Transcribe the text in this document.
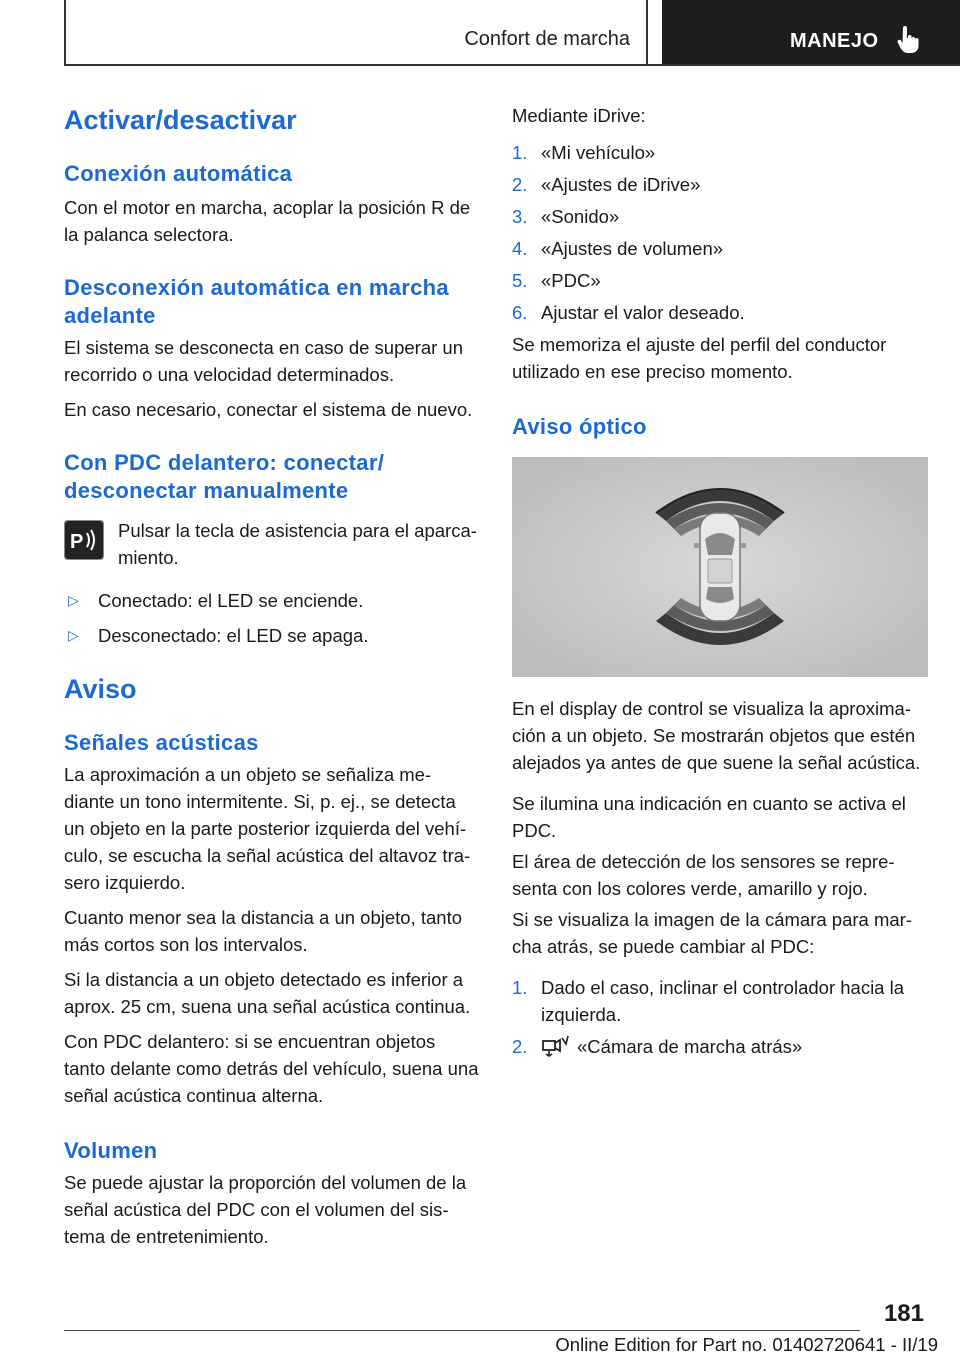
Confort de marcha	MANEJO
Activar/desactivar
Conexión automática

Con el motor en marcha, acoplar la posición R de la palanca selectora.

Desconexión automática en marcha adelante

El sistema se desconecta en caso de superar un recorrido o una velocidad determinados.

En caso necesario, conectar el sistema de nuevo.

Con PDC delantero: conectar/ desconectar manualmente
P

Pulsar la tecla de asistencia para el aparca‐ miento.

▷	Conectado: el LED se enciende.
▷	Desconectado: el LED se apaga.
Aviso
Señales acústicas

La aproximación a un objeto se señaliza me‐ diante un tono intermitente. Si, p. ej., se detecta un objeto en la parte posterior izquierda del vehí‐ culo, se escucha la señal acústica del altavoz tra‐ sero izquierdo.

Cuanto menor sea la distancia a un objeto, tanto más cortos son los intervalos.

Si la distancia a un objeto detectado es inferior a aprox. 25 cm, suena una señal acústica continua.

Con PDC delantero: si se encuentran objetos tanto delante como detrás del vehículo, suena una señal acústica continua alterna.

Volumen

Se puede ajustar la proporción del volumen de la señal acústica del PDC con el volumen del sis‐ tema de entretenimiento.

Mediante iDrive:

1. «Mi vehículo»
2. «Ajustes de iDrive»
3. «Sonido»
4. «Ajustes de volumen»
5. «PDC»
6. Ajustar el valor deseado.

Se memoriza el ajuste del perfil del conductor utilizado en ese preciso momento.

Aviso óptico

En el display de control se visualiza la aproxima‐ ción a un objeto. Se mostrarán objetos que estén alejados ya antes de que suene la señal acústica.

Se ilumina una indicación en cuanto se activa el PDC.

El área de detección de los sensores se repre‐ senta con los colores verde, amarillo y rojo.

Si se visualiza la imagen de la cámara para mar‐ cha atrás, se puede cambiar al PDC:

1. Dado el caso, inclinar el controlador hacia la izquierda.
2.	«Cámara de marcha atrás»
181
Online Edition for Part no. 01402720641 - II/19
